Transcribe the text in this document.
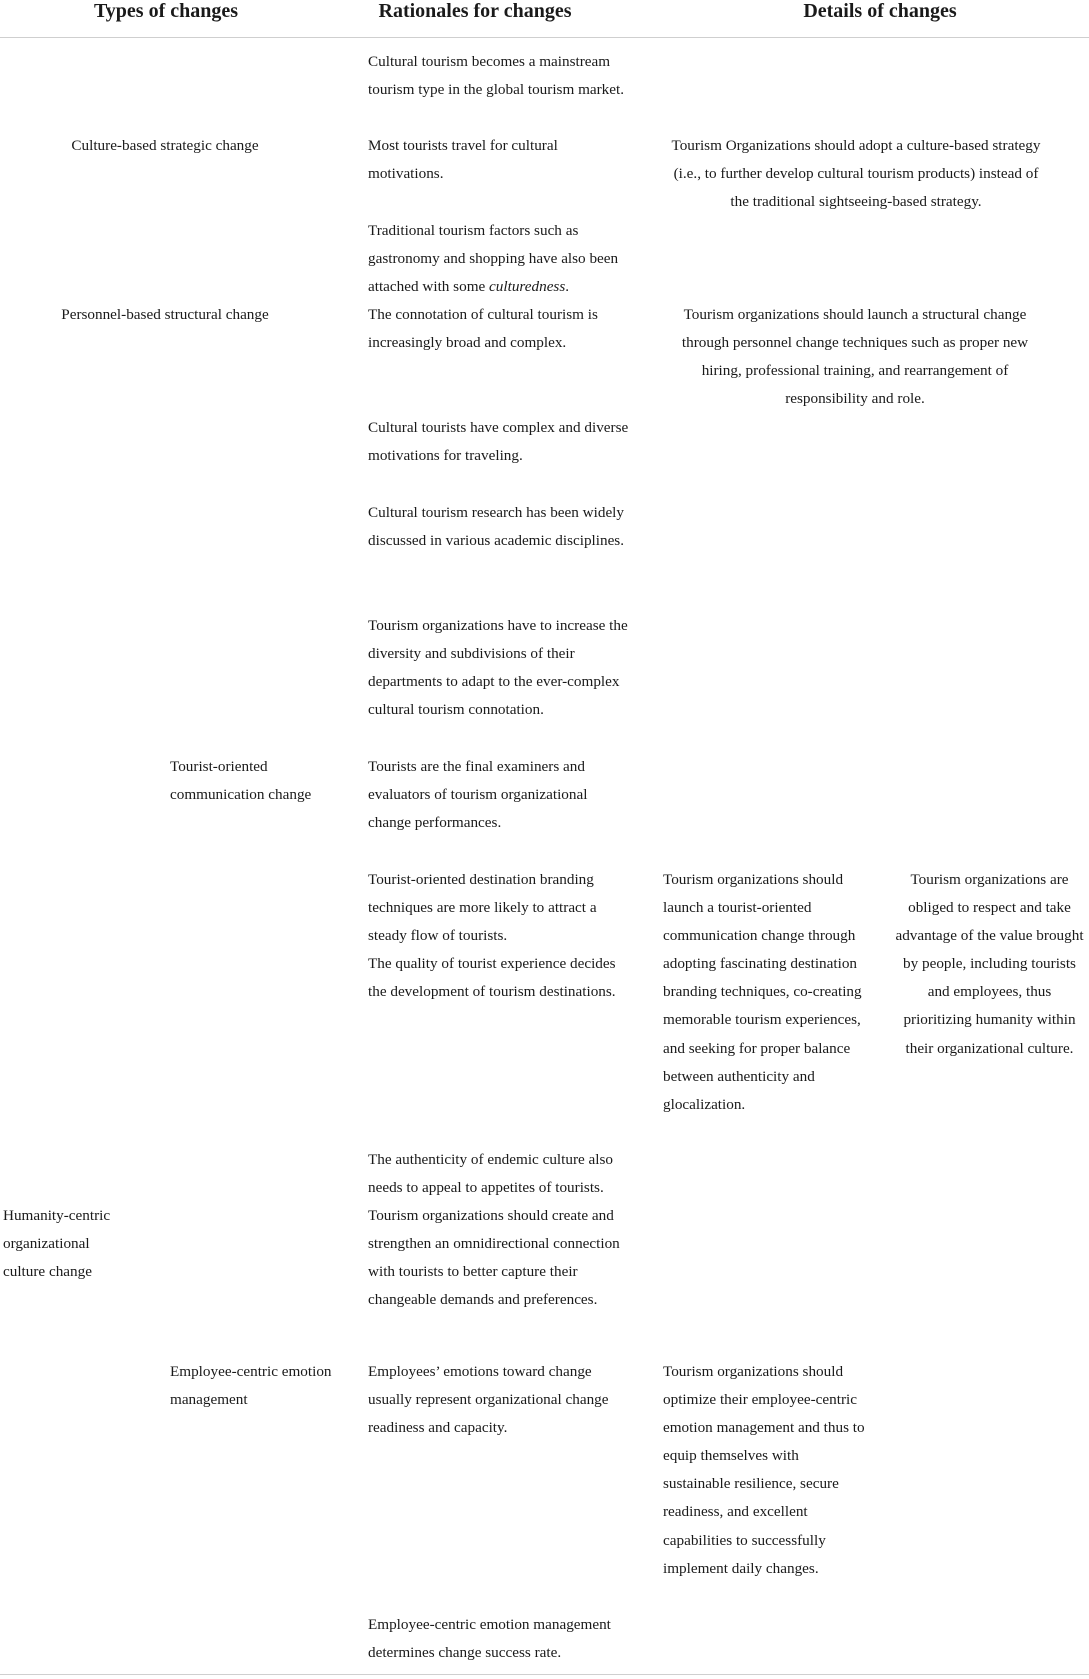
Types of changes	Rationales for changes	Details of changes
Culture-based strategic change
Personnel-based structural change
Tourist-oriented communication change
Humanity-centric organizational culture change
Employee-centric emotion management
Cultural tourism becomes a mainstream tourism type in the global tourism market.
Most tourists travel for cultural motivations.
Traditional tourism factors such as gastronomy and shopping have also been attached with some culturedness.
The connotation of cultural tourism is increasingly broad and complex.
Cultural tourists have complex and diverse motivations for traveling.
Cultural tourism research has been widely discussed in various academic disciplines.
Tourism organizations have to increase the diversity and subdivisions of their departments to adapt to the ever-complex cultural tourism connotation.
Tourists are the final examiners and evaluators of tourism organizational change performances.
Tourist-oriented destination branding techniques are more likely to attract a steady flow of tourists.
The quality of tourist experience decides the development of tourism destinations.
The authenticity of endemic culture also needs to appeal to appetites of tourists.
Tourism organizations should create and strengthen an omnidirectional connection with tourists to better capture their changeable demands and preferences.
Employees’ emotions toward change usually represent organizational change readiness and capacity.
Employee-centric emotion management determines change success rate.
Tourism Organizations should adopt a culture-based strategy (i.e., to further develop cultural tourism products) instead of the traditional sightseeing-based strategy.
Tourism organizations should launch a structural change through personnel change techniques such as proper new hiring, professional training, and rearrangement of responsibility and role.
Tourism organizations should launch a tourist-oriented communication change through adopting fascinating destination branding techniques, co-creating memorable tourism experiences, and seeking for proper balance between authenticity and glocalization.
Tourism organizations are obliged to respect and take advantage of the value brought by people, including tourists and employees, thus prioritizing humanity within their organizational culture.
Tourism organizations should optimize their employee-centric emotion management and thus to equip themselves with sustainable resilience, secure readiness, and excellent capabilities to successfully implement daily changes.
